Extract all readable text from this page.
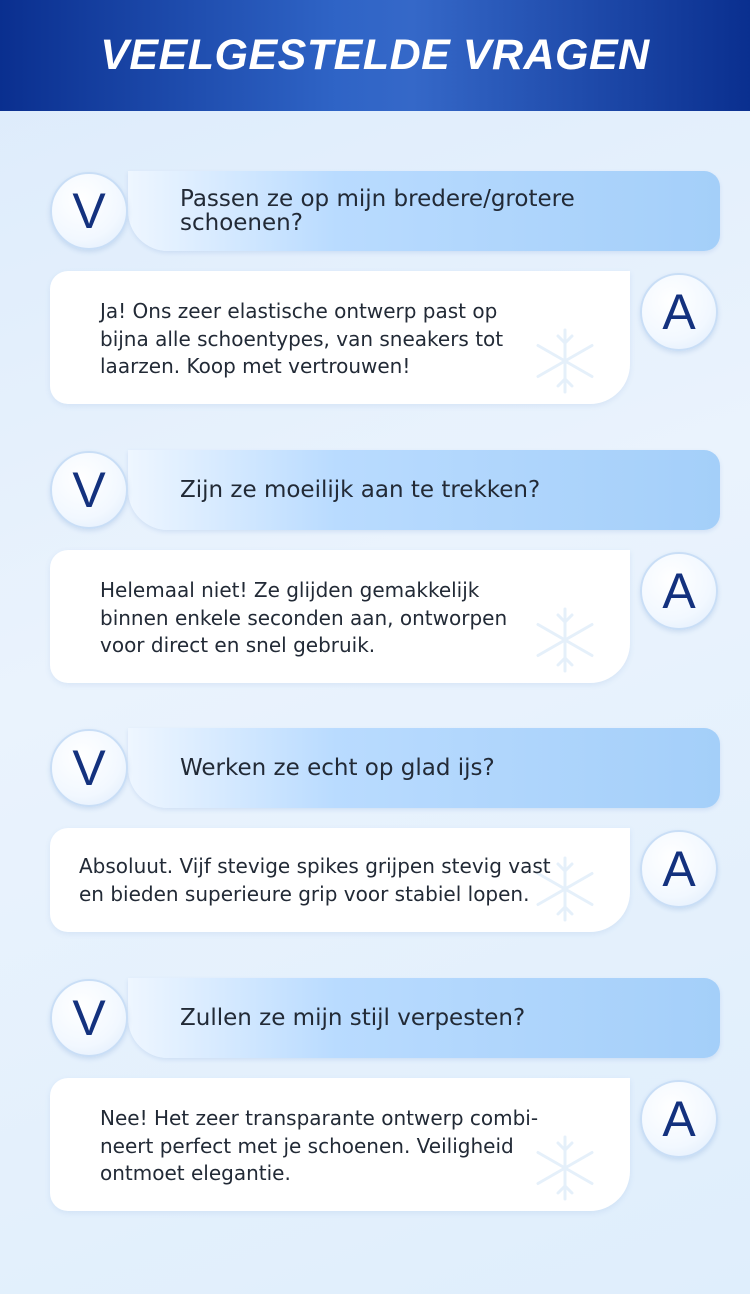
VEELGESTELDE VRAGEN
V	Passen ze op mijn bredere/grotere schoenen?
Ja! Ons zeer elastische ontwerp past op
bijna alle schoentypes, van sneakers tot
laarzen. Koop met vertrouwen!
A
V	Zijn ze moeilijk aan te trekken?
Helemaal niet! Ze glijden gemakkelijk
binnen enkele seconden aan, ontworpen
voor direct en snel gebruik.
A
V	Werken ze echt op glad ijs?
Absoluut. Vijf stevige spikes grijpen stevig vast
en bieden superieure grip voor stabiel lopen.	A
V	Zullen ze mijn stijl verpesten?
Nee! Het zeer transparante ontwerp combi-
neert perfect met je schoenen. Veiligheid
ontmoet elegantie.
A
